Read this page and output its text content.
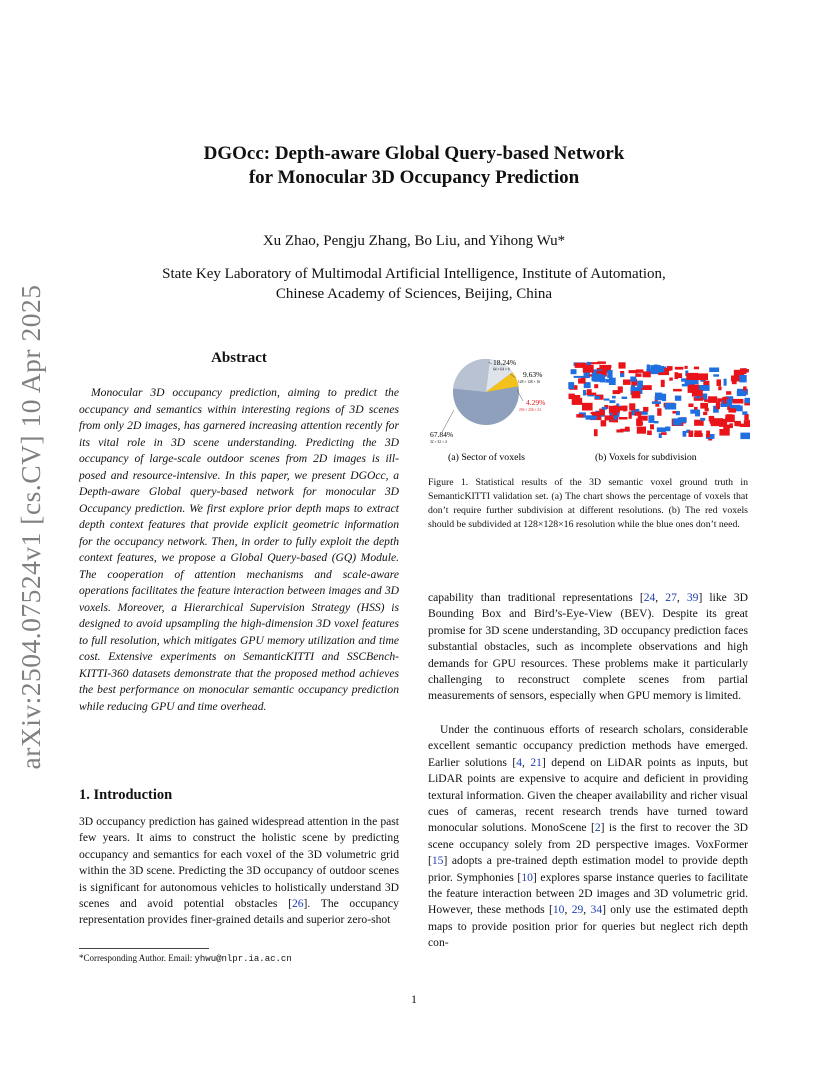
arXiv:2504.07524v1 [cs.CV] 10 Apr 2025
DGOcc: Depth-aware Global Query-based Network
for Monocular 3D Occupancy Prediction
Xu Zhao, Pengju Zhang, Bo Liu, and Yihong Wu*
State Key Laboratory of Multimodal Artificial Intelligence, Institute of Automation,
Chinese Academy of Sciences, Beijing, China
Abstract

Monocular 3D occupancy prediction, aiming to predict the occupancy and semantics within interesting regions of 3D scenes from only 2D images, has garnered increasing attention recently for its vital role in 3D scene understanding. Predicting the 3D occupancy of large-scale outdoor scenes from 2D images is ill-posed and resource-intensive. In this paper, we present DGOcc, a Depth-aware Global query-based network for monocular 3D Occupancy prediction. We first explore prior depth maps to extract depth context features that provide explicit geometric information for the occupancy network. Then, in order to fully exploit the depth context features, we propose a Global Query-based (GQ) Module. The cooperation of attention mechanisms and scale-aware operations facilitates the feature interaction between images and 3D voxels. Moreover, a Hierarchical Supervision Strategy (HSS) is designed to avoid upsampling the high-dimension 3D voxel features to full resolution, which mitigates GPU memory utilization and time cost. Extensive experiments on SemanticKITTI and SSCBench-KITTI-360 datasets demonstrate that the proposed method achieves the best performance on monocular semantic occupancy prediction while reducing GPU and time overhead.

1. Introduction

3D occupancy prediction has gained widespread attention in the past few years. It aims to construct the holistic scene by predicting occupancy and semantics for each voxel of the 3D volumetric grid within the 3D scene. Predicting the 3D occupancy of outdoor scenes is significant for autonomous vehicles to holistically understand 3D scenes and avoid potential obstacles [26]. The occupancy representation provides finer-grained details and superior zero-shot

*Corresponding Author. Email: yhwu@nlpr.ia.ac.cn
18.24%
64 × 64 × 8
9.63%
128 × 128 × 16
4.29%
256 × 256 × 32
67.84%
32 × 32 × 4
(a) Sector of voxels	(b) Voxels for subdivision

Figure 1. Statistical results of the 3D semantic voxel ground truth in SemanticKITTI validation set. (a) The chart shows the percentage of voxels that don’t require further subdivision at different resolutions. (b) The red voxels should be subdivided at 128×128×16 resolution while the blue ones don’t need.

capability than traditional representations [24, 27, 39] like 3D Bounding Box and Bird’s-Eye-View (BEV). Despite its great promise for 3D scene understanding, 3D occupancy prediction faces substantial obstacles, such as incomplete observations and high demands for GPU resources. These problems make it particularly challenging to reconstruct complete scenes from partial measurements of sensors, especially when GPU memory is limited.

Under the continuous efforts of research scholars, considerable excellent semantic occupancy prediction methods have emerged. Earlier solutions [4, 21] depend on LiDAR points as inputs, but LiDAR points are expensive to acquire and deficient in providing textural information. Given the cheaper availability and richer visual cues of cameras, recent research trends have turned toward monocular solutions. MonoScene [2] is the first to recover the 3D scene occupancy solely from 2D perspective images. VoxFormer [15] adopts a pre-trained depth estimation model to provide depth prior. Symphonies [10] explores sparse instance queries to facilitate the feature interaction between 2D images and 3D volumetric grid. However, these methods [10, 29, 34] only use the estimated depth maps to provide position prior for queries but neglect rich depth con-

1
